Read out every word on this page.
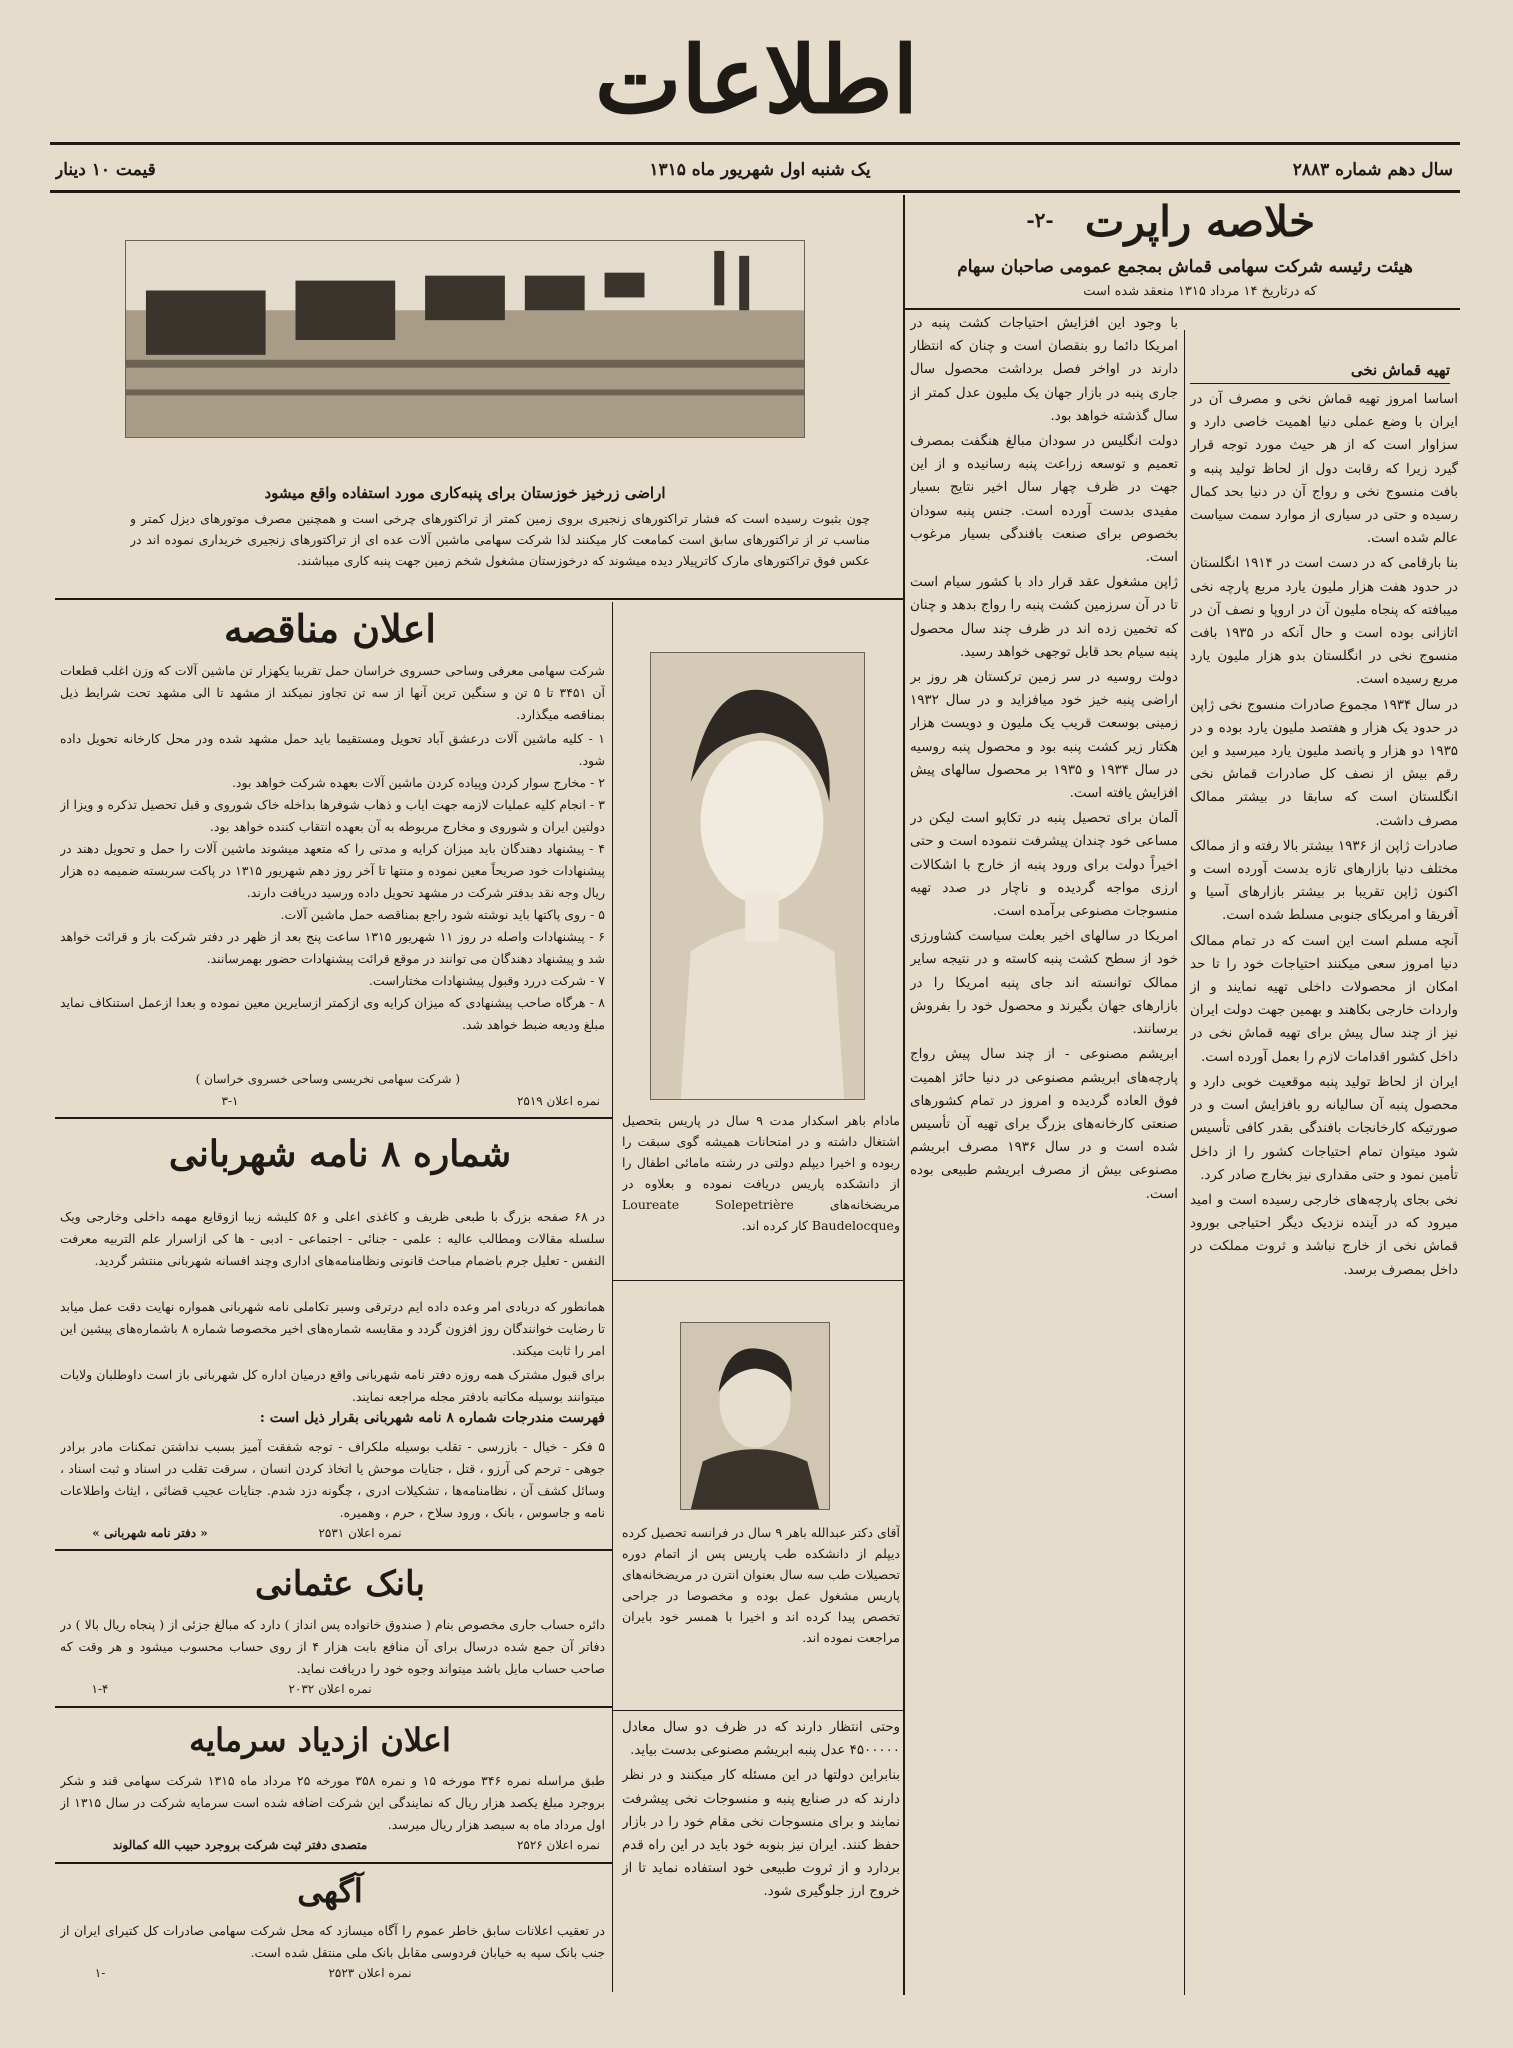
اطلاعات
سال دهم شماره ۲۸۸۳
یک شنبه اول شهریور ماه ۱۳۱۵
قیمت ۱۰ دینار
خلاصه راپرت
-۲-
هیئت رئیسه شرکت سهامی قماش بمجمع عمومی صاحبان سهام
که درتاریخ ۱۴ مرداد ۱۳۱۵ منعقد شده است
تهیه قماش نخی

اساسا امروز تهیه قماش نخی و مصرف آن در ایران با وضع عملی دنیا اهمیت خاصی دارد و سزاوار است که از هر حیث مورد توجه قرار گیرد زیرا که رقابت دول از لحاظ تولید پنبه و بافت منسوج نخی و رواج آن در دنیا بحد کمال رسیده و حتی در سیاری از موارد سمت سیاست عالم شده است.

بنا بارقامی که در دست است در ۱۹۱۴ انگلستان در حدود هفت هزار ملیون یارد مربع پارچه نخی میبافته که پنجاه ملیون آن در اروپا و نصف آن در اتاز‌انی بوده است و حال آنکه در ۱۹۳۵ بافت منسوج نخی در انگلستان بدو هزار ملیون یارد مربع رسیده است.

در سال ۱۹۳۴ مجموع صادرات منسوج نخی ژاپن در حدود یک هزار و هفتصد ملیون یارد بوده و در ۱۹۳۵ دو هزار و پانصد ملیون یارد میرسید و این رقم بیش از نصف کل صادرات قماش نخی انگلستان است که سابقا در بیشتر ممالک مصرف داشت.

صادرات ژاپن از ۱۹۳۶ بیشتر بالا رفته و از ممالک مختلف دنیا بازارهای تازه بدست آورده است و اکنون ژاپن تقریبا بر بیشتر بازارهای آسیا و آفریقا و امریکای جنوبی مسلط شده است.

آنچه مسلم است این است که در تمام ممالک دنیا امروز سعی میکنند احتیاجات خود را تا حد امکان از محصولات داخلی تهیه نمایند و از واردات خارجی بکاهند و بهمین جهت دولت ایران نیز از چند سال پیش برای تهیه قماش نخی در داخل کشور اقدامات لازم را بعمل آورده است.

ایران از لحاظ تولید پنبه موقعیت خوبی دارد و محصول پنبه آن سالیانه رو بافزایش است و در صورتیکه کارخانجات بافندگی بقدر کافی تأسیس شود میتوان تمام احتیاجات کشور را از داخل تأمین نمود و حتی مقداری نیز بخارج صادر کرد.

نخی بجای پارچه‌های خارجی رسیده است و امید میرود که در آینده نزدیک دیگر احتیاجی بورود قماش نخی از خارج نباشد و ثروت مملکت در داخل بمصرف برسد.

با وجود این افزایش احتیاجات کشت پنبه در امریکا دائما رو بنقصان است و چنان که انتظار دارند در اواخر فصل برداشت محصول سال جاری پنبه در بازار جهان یک ملیون عدل کمتر از سال گذشته خواهد بود.

دولت انگلیس در سودان مبالغ هنگفت بمصرف تعمیم و توسعه زراعت پنبه رسانیده و از این جهت در ظرف چهار سال اخیر نتایج بسیار مفیدی بدست آورده است. جنس پنبه سودان بخصوص برای صنعت بافندگی بسیار مرغوب است.

ژاپن مشغول عقد قرار داد با کشور سیام است تا در آن سرزمین کشت پنبه را رواج بدهد و چنان که تخمین زده اند در ظرف چند سال محصول پنبه سیام بحد قابل توجهی خواهد رسید.

دولت روسیه در سر زمین ترکستان هر روز بر اراضی پنبه خیز خود میافزاید و در سال ۱۹۳۲ زمینی بوسعت قریب یک ملیون و دویست هزار هکتار زیر کشت پنبه بود و محصول پنبه روسیه در سال ۱۹۳۴ و ۱۹۳۵ بر محصول سالهای پیش افزایش یافته است.

آلمان برای تحصیل پنبه در تکاپو است لیکن در مساعی خود چندان پیشرفت ننموده است و حتی اخیراً دولت برای ورود پنبه از خارج با اشکالات ارزی مواجه گردیده و ناچار در صدد تهیه منسوجات مصنوعی برآمده است.

امریکا در سالهای اخیر بعلت سیاست کشاورزی خود از سطح کشت پنبه کاسته و در نتیجه سایر ممالک توانسته اند جای پنبه امریکا را در بازارهای جهان بگیرند و محصول خود را بفروش برسانند.

ابریشم مصنوعی - از چند سال پیش رواج پارچه‌های ابریشم مصنوعی در دنیا حائز اهمیت فوق العاده گردیده و امروز در تمام کشورهای صنعتی کارخانه‌های بزرگ برای تهیه آن تأسیس شده است و در سال ۱۹۳۶ مصرف ابریشم مصنوعی بیش از مصرف ابریشم طبیعی بوده است.

اراضی زرخیز خوزستان برای پنبه‌کاری مورد استفاده واقع میشود
چون بثبوت رسیده است که فشار تراکتورهای زنجیری بروی زمین کمتر از تراکتورهای چرخی است و همچنین مصرف موتورهای دیزل کمتر و مناسب تر از تراکتورهای سابق است کمامعت کار میکنند لذا شرکت سهامی ماشین آلات عده ای از تراکتورهای زنجیری خریداری نموده اند در عکس فوق تراکتورهای مارک کاترپیلار دیده میشوند که درخوزستان مشغول شخم زمین جهت پنبه کاری میباشند.
اعلان مناقصه
شرکت سهامی معرفی وساحی حسروی خراسان حمل تقریبا یکهزار تن ماشین آلات که وزن اغلب قطعات آن ۳۴۵۱ تا ۵ تن و سنگین ترین آنها از سه تن تجاوز نمیکند از مشهد تا الی مشهد تحت شرایط ذیل بمناقصه میگذارد.
۱ - کلیه ماشین آلات درعشق آباد تحویل ومستقیما باید حمل مشهد شده ودر محل کارخانه تحویل داده شود.
۲ - مخارج سوار کردن وپیاده کردن ماشین آلات بعهده شرکت خواهد بود.
۳ - انجام کلیه عملیات لازمه جهت ایاب و ذهاب شوفرها بداخله خاک شوروی و قبل تحصیل تذکره و ویزا از دولتین ایران و شوروی و مخارج مربوطه به آن بعهده انتقاب کننده خواهد بود.
۴ - پیشنهاد دهندگان باید میزان کرایه و مدتی را که متعهد میشوند ماشین آلات را حمل و تحویل دهند در پیشنهادات خود صریحاً معین نموده و منتها تا آخر روز دهم شهریور ۱۳۱۵ در پاکت سربسته ضمیمه ده هزار ریال وجه نقد بدفتر شرکت در مشهد تحویل داده ورسید دریافت دارند.
۵ - روی پاکتها باید نوشته شود راجع بمناقصه حمل ماشین آلات.
۶ - پیشنهادات واصله در روز ۱۱ شهریور ۱۳۱۵ ساعت پنج بعد از ظهر در دفتر شرکت باز و قرائت خواهد شد و پیشنهاد دهندگان می توانند در موقع قرائت پیشنهادات حضور بهمرسانند.
۷ - شرکت دررد وقبول پیشنهادات مختاراست.
۸ - هرگاه صاحب پیشنهادی که میزان کرایه وی ازکمتر ازسایرین معین نموده و بعدا ازعمل استنکاف نماید مبلغ ودیعه ضبط خواهد شد.
( شرکت سهامی نخریسی وساحی خسروی خراسان )
نمره اعلان ۲۵۱۹
۳-۱
شماره ۸ نامه شهربانی
در ۶۸ صفحه بزرگ با طبعی ظریف و کاغذی اعلی و ۵۶ کلیشه زیبا ازوقایع مهمه داخلی وخارجی ویک سلسله مقالات ومطالب عالیه : علمی - جنائی - اجتماعی - ادبی - ها کی ازاسرار علم التربیه معرفت النفس - تعلیل جرم باضمام مباحث قانونی ونظامنامه‌های اداری وچند افسانه شهربانی منتشر گردید.
همانطور که دربادی امر وعده داده ایم درترقی وسیر تکاملی نامه شهربانی همواره نهایت دقت عمل میابد تا رضایت خوانندگان روز افزون گردد و مقایسه شماره‌های اخیر مخصوصا شماره ۸ باشماره‌های پیشین این امر را ثابت میکند.
برای قبول مشترک همه روزه دفتر نامه شهربانی واقع درمیان اداره کل شهربانی باز است داوطلبان ولایات میتوانند بوسیله مکاتبه بادفتر مجله مراجعه نمایند.
فهرست مندرجات شماره ۸ نامه شهربانی بقرار ذیل است :
۵ فکر - خیال - بازرسی - تقلب بوسیله ملکراف - توجه شفقت آمیز بسبب نداشتن تمکنات مادر برادر جوهی - ترحم کی آرزو ، قتل ، جنایات موحش یا اتخاذ کردن انسان ، سرقت تقلب در اسناد و ثبت اسناد ، وسائل کشف آن ، نظامنامه‌ها ، تشکیلات ادری ، چگونه دزد شدم. جنایات عجیب قضائی ، ایثاث واطلاعات نامه و جاسوس ، بانک ، ورود سلاح ، حرم ، وهمیره.
نمره اعلان ۲۵۳۱
« دفتر نامه شهربانی »
بانک عثمانی
دائره حساب جاری مخصوص بنام ( صندوق خانواده پس انداز ) دارد که مبالغ جزئی از ( پنجاه ریال بالا ) در دفاتر آن جمع شده درسال برای آن منافع بابت هزار ۴ از روی حساب محسوب میشود و هر وقت که صاحب حساب مایل باشد میتواند وجوه خود را دریافت نماید.
نمره اعلان ۲۰۳۲
۱-۴
اعلان ازدیاد سرمایه
طبق مراسله نمره ۳۴۶ مورخه ۱۵ و نمره ۳۵۸ مورخه ۲۵ مرداد ماه ۱۳۱۵ شرکت سهامی قند و شکر بروجرد مبلغ یکصد هزار ریال که نمایندگی این شرکت اضافه شده است سرمایه شرکت در سال ۱۳۱۵ از اول مرداد ماه به سیصد هزار ریال میرسد.
نمره اعلان ۲۵۲۶
متصدی دفتر ثبت شرکت بروجرد حبیب الله کمالوند
آگهی
در تعقیب اعلانات سابق خاطر عموم را آگاه میسازد که محل شرکت سهامی صادرات کل کتیرای ایران از جنب بانک سپه به خیابان فردوسی مقابل بانک ملی منتقل شده است.
نمره اعلان ۲۵۲۳
-۱
مادام باهر اسکدار مدت ۹ سال در پاریس بتحصیل اشتغال داشته و در امتحانات همیشه گوی سبقت را ربوده و اخیرا دیپلم دولتی در رشته مامائی اطفال را از دانشکده پاریس دریافت نموده و بعلاوه در مریضخانه‌های Loureate Solepetrière وBaudelocque کار کرده اند.
آقای دکتر عبدالله باهر ۹ سال در فرانسه تحصیل کرده دیپلم از دانشکده طب پاریس پس از اتمام دوره تحصیلات طب سه سال بعنوان انترن در مریضخانه‌های پاریس مشغول عمل بوده و مخصوصا در جراحی تخصص پیدا کرده اند و اخیرا با همسر خود بایران مراجعت نموده اند.

وحتی انتظار دارند که در ظرف دو سال معادل ۴۵۰۰۰۰۰ عدل پنبه ابریشم مصنوعی بدست بیاید.

بنابراین دولتها در این مسئله کار میکنند و در نظر دارند که در صنایع پنبه و منسوجات نخی پیشرفت نمایند و برای منسوجات نخی مقام خود را در بازار حفظ کنند. ایران نیز بنوبه خود باید در این راه قدم بردارد و از ثروت طبیعی خود استفاده نماید تا از خروج ارز جلوگیری شود.
